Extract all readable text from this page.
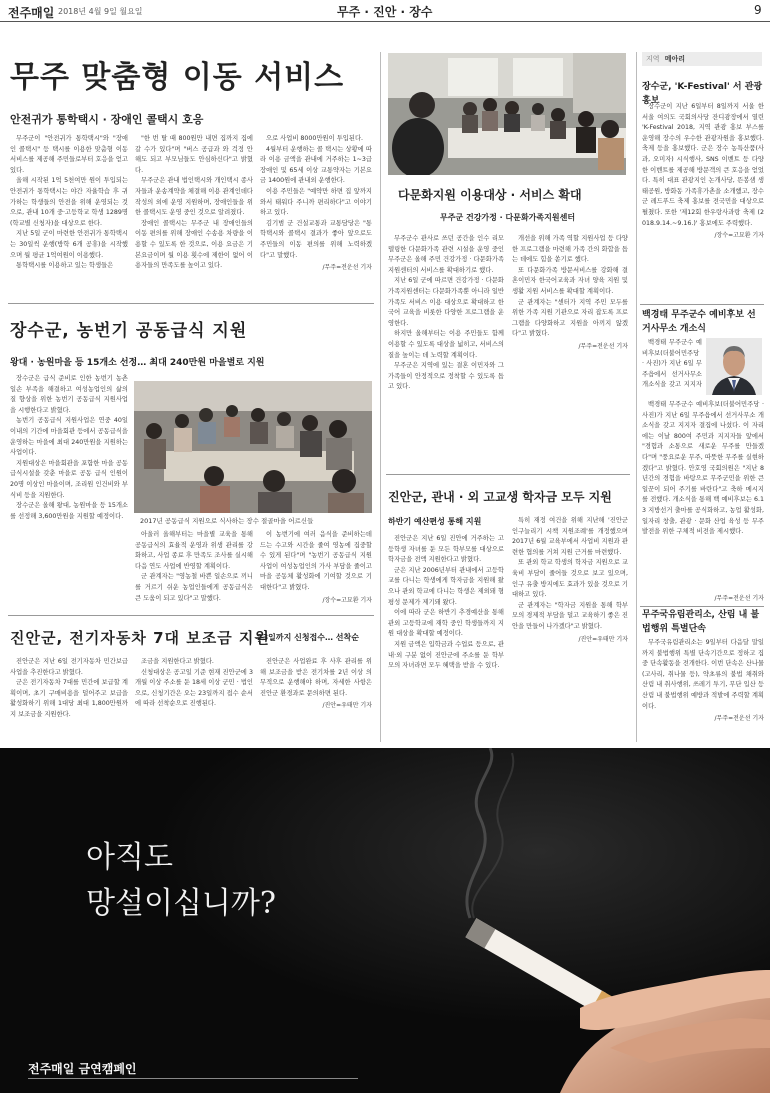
전주매일 2018년 4월 9일 월요일	무주 · 진안 · 장수	9
무주 맞춤형 이동 서비스
안전귀가 통학택시 · 장애인 콜택시 호응

무주군이 "안전귀가 통학택시"와 "장애인 콜택시" 등 택시를 이용한 맞춤형 이동 서비스를 제공해 주민들로부터 호응을 얻고 있다.

올해 시작된 1억 5천여만 원이 투입되는 안전귀가 통학택시는 야간 자율학습 후 귀가하는 학생들의 안전을 위해 운영되는 것으로, 관내 10개 중·고등학교 학생 1289명(학교별 신청자)을 대상으로 한다.

지난 5일 군이 마련한 안전귀가 통학택시는 30일씩 운행(방학 6개 공휴)을 시작했으며 월 평균 1억여원이 이용했다.

통학택시를 이용하고 있는 학생들은

"한 번 탈 때 800원만 내면 집까지 집에 갈 수가 있다"며 "버스 공급과 와 걱정 안 해도 되고 부모님들도 안심하신다"고 밝혔다.

무주군은 관내 법인택시와 개인택시 종사자들과 운송계약을 체결해 이용 관계인데다 작성의 외에 운영 지원하며, 장애인들을 위한 콜택시도 운영 중인 것으로 알려졌다.

장애인 콜택시는 무주군 내 장애인들의 이동 편의를 위해 장애인 수송용 차량을 이용할 수 있도록 한 것으로, 이용 요금은 기본요금이며 월 이용 횟수에 제한이 없어 이용자들의 만족도를 높이고 있다.

으로 사업비 8000만원이 투입된다.

4월부터 운행하는 콜 택시는 상황에 따라 이용 금액을 관내에 거주하는 1~3급 장애인 및 65세 이상 교통약자는 기본요금 1400원에 관내외 운행한다.

이용 주민들은 "예약만 하면 집 앞까지 와서 태워다 주니까 편리하다"고 이야기하고 있다.

김기범 군 건설교통과 교통담당은 "통학택시와 콜택시 결과가 좋아 앞으로도 주민들의 이동 편의를 위해 노력하겠다"고 말했다.

/무주=전운선 기자
다문화지원 이용대상 · 서비스 확대
무주군 건강가정 · 다문화가족지원센터

무주군수 관사로 쓰던 공간을 인수 리모델링한 다문화가족 관련 시설을 운영 중인 무주군은 올해 주민 건강가정 · 다문화가족지원센터의 서비스를 확대하기로 했다.

지난 6일 군에 따르면 건강가정 · 다문화가족지원센터는 다문화가족뿐 아니라 일반 가족도 서비스 이용 대상으로 확대하고 한국어 교육을 비롯한 다양한 프로그램을 운영한다.

하지만 올해부터는 이용 주민들도 함께 이용할 수 있도록 대상을 넓히고, 서비스의 질을 높이는 데 노력할 계획이다.

무주군은 지역에 있는 결혼 이민자와 그 가족들이 안정적으로 정착할 수 있도록 돕고 있다.

개선을 위해 가족 역할 지원사업 등 다양한 프로그램을 마련해 가족 간의 화합을 돕는 데에도 힘을 쏟기로 했다.

또 다문화가족 방문서비스를 강화해 결혼이민자 한국어교육과 자녀 양육 지원 및 생활 지원 서비스를 확대할 계획이다.

군 관계자는 "센터가 지역 주민 모두를 위한 가족 지원 기관으로 자리 잡도록 프로그램을 다양화하고 지원을 아끼지 않겠다"고 밝혔다.

/무주=전운선 기자
장수군, 농번기 공동급식 지원
왕대 · 농원마을 등 15개소 선정… 최대 240만원 마을별로 지원

장수군은 급식 준비로 인한 농번기 농촌 일손 부족을 해결하고 여성농업인의 삶의 질 향상을 위한 농번기 공동급식 지원사업을 시행한다고 밝혔다.

농번기 공동급식 지원사업은 연중 40일 이내의 기간에 마을회관 등에서 공동급식을 운영하는 마을에 최대 240만원을 지원하는 사업이다.

지원대상은 마을회관을 포함한 마을 공동 급식시설을 갖춘 마을로 공동 급식 인원이 20명 이상인 마을이며, 조리원 인건비와 부식비 등을 지원한다.

장수군은 올해 왕대, 농원마을 등 15개소를 선정해 3,600만원을 지원할 예정이다.

2017년 공동급식 지원으로 식사하는 장수 절골마을 어르신들

아울러 올해부터는 마을별 교육을 통해 공동급식의 효율적 운영과 위생 관리를 강화하고, 사업 종료 후 만족도 조사를 실시해 다음 연도 사업에 반영할 계획이다.

군 관계자는 "영농철 바쁜 일손으로 끼니를 거르기 쉬운 농업인들에게 공동급식은 큰 도움이 되고 있다"고 말했다.

이 농번기에 여러 음식을 준비하는데 드는 수고와 시간을 줄여 영농에 집중할 수 있게 된다"며 "농번기 공동급식 지원사업이 여성농업인의 가사 부담을 줄이고 마을 공동체 활성화에 기여할 것으로 기대한다"고 밝혔다.

/장수=고묘환 기자
진안군, 관내 · 외 고교생 학자금 모두 지원
하반기 예산편성 통해 지원

진안군은 지난 6일 진안에 거주하는 고등학생 자녀를 둔 모든 학부모를 대상으로 학자금을 전액 지원한다고 밝혔다.

군은 지난 2006년부터 관내에서 고등학교를 다니는 학생에게 학자금을 지원해 왔으나 관외 학교에 다니는 학생은 제외돼 형평성 문제가 제기돼 왔다.

이에 따라 군은 하반기 추경예산을 통해 관외 고등학교에 재학 중인 학생들까지 지원 대상을 확대할 예정이다.

지원 금액은 입학금과 수업료 등으로, 관내·외 구분 없이 진안군에 주소를 둔 학부모의 자녀라면 모두 혜택을 받을 수 있다.

특히 재정 여건을 위해 지난해 '진안군 인구늘리기 시책 지원조례'를 개정했으며 2017년 6월 교육부에서 사업비 지원과 관련한 협의를 거쳐 지원 근거를 마련했다.

또 관외 학교 학생의 학자금 지원으로 교육비 부담이 줄어들 것으로 보고 있으며, 인구 유출 방지에도 효과가 있을 것으로 기대하고 있다.

군 관계자는 "학자금 지원을 통해 학부모의 경제적 부담을 덜고 교육하기 좋은 진안을 만들어 나가겠다"고 밝혔다.

/진안=우태만 기자
진안군, 전기자동차 7대 보조금 지원
23일까지 신청접수… 선착순

진안군은 지난 6일 전기자동차 민간보급사업을 추진한다고 밝혔다.

군은 전기자동차 7대를 민간에 보급할 계획이며, 초기 구매비용을 덜어주고 보급을 활성화하기 위해 1대당 최대 1,800만원까지 보조금을 지원한다.

조금을 지원한다고 밝혔다.

신청대상은 공고일 기준 현재 진안군에 3개월 이상 주소를 둔 18세 이상 군민 · 법인으로, 신청기간은 오는 23일까지 접수 순서에 따라 선착순으로 진행된다.

진안군은 사업완료 후 사후 관리를 위해 보조금을 받은 전기차를 2년 이상 의무적으로 운행해야 하며, 자세한 사항은 진안군 환경과로 문의하면 된다.

/진안=우태만 기자
지역 메아리
장수군, 'K-Festival' 서 관광홍보

장수군이 지난 6일부터 8일까지 서울 한 서울 여의도 국회의사당 잔디광장에서 열린 'K-Festival 2018, 지역 관광 홍보 부스를 운영해 장수의 우수한 관광자원을 홍보했다. 축제 등을 홍보했다. 군은 장수 농특산품(사과, 오미자) 시식행사, SNS 이벤트 등 다양한 이벤트를 제공해 방문객의 큰 호응을 얻었다. 특히 대표 관광지인 논개사당, 뜬봉샘 생태공원, 방화동 가족휴가촌을 소개했고, 장수군 레드푸드 축제 홍보를 전국민을 대상으로 펼쳤다. 또한 '제12회 한우랑사과랑 축제 (2018.9.14.~9.16.)' 홍보에도 주력했다.

/장수=고묘환 기자
백경태 무주군수 예비후보 선거사무소 개소식

백경태 무주군수 예비후보(더불어민주당 · 사진)가 지난 6일 무주읍에서 선거사무소 개소식을 갖고 지지자

백경태 무주군수 예비후보(더불어민주당 · 사진)가 지난 6일 무주읍에서 선거사무소 개소식을 갖고 지지자 결집에 나섰다. 이 자리에는 이날 800여 주민과 지지자들 앞에서 "경험과 소통으로 새로운 무주를 만들겠다"며 "풍요로운 무주, 따뜻한 무주를 실현하겠다"고 밝혔다. 안호영 국회의원은 "지난 8년간의 경험을 바탕으로 무주군민을 위한 큰 일꾼이 되어 주기를 바란다"고 축하 메시지를 전했다. 개소식을 통해 백 예비후보는 6.13 지방선거 출마를 공식화하고, 농업 활성화, 일자리 창출, 관광 · 문화 산업 육성 등 무주 발전을 위한 구체적 비전을 제시했다.

/무주=전운선 기자
무주국유림관리소, 산림 내 불법행위 특별단속

무주국유림관리소는 9일부터 다음달 말일까지 불법행위 특별 단속기간으로 정하고 집중 단속활동을 전개한다. 이번 단속은 산나물(고사리, 취나물 등), 약초류의 불법 채취와 산림 내 취사행위, 쓰레기 투기, 무단 입산 등 산림 내 불법행위 예방과 적발에 주력할 계획이다.

/무주=전운선 기자
아직도
망설이십니까?
전주매일 금연캠페인
